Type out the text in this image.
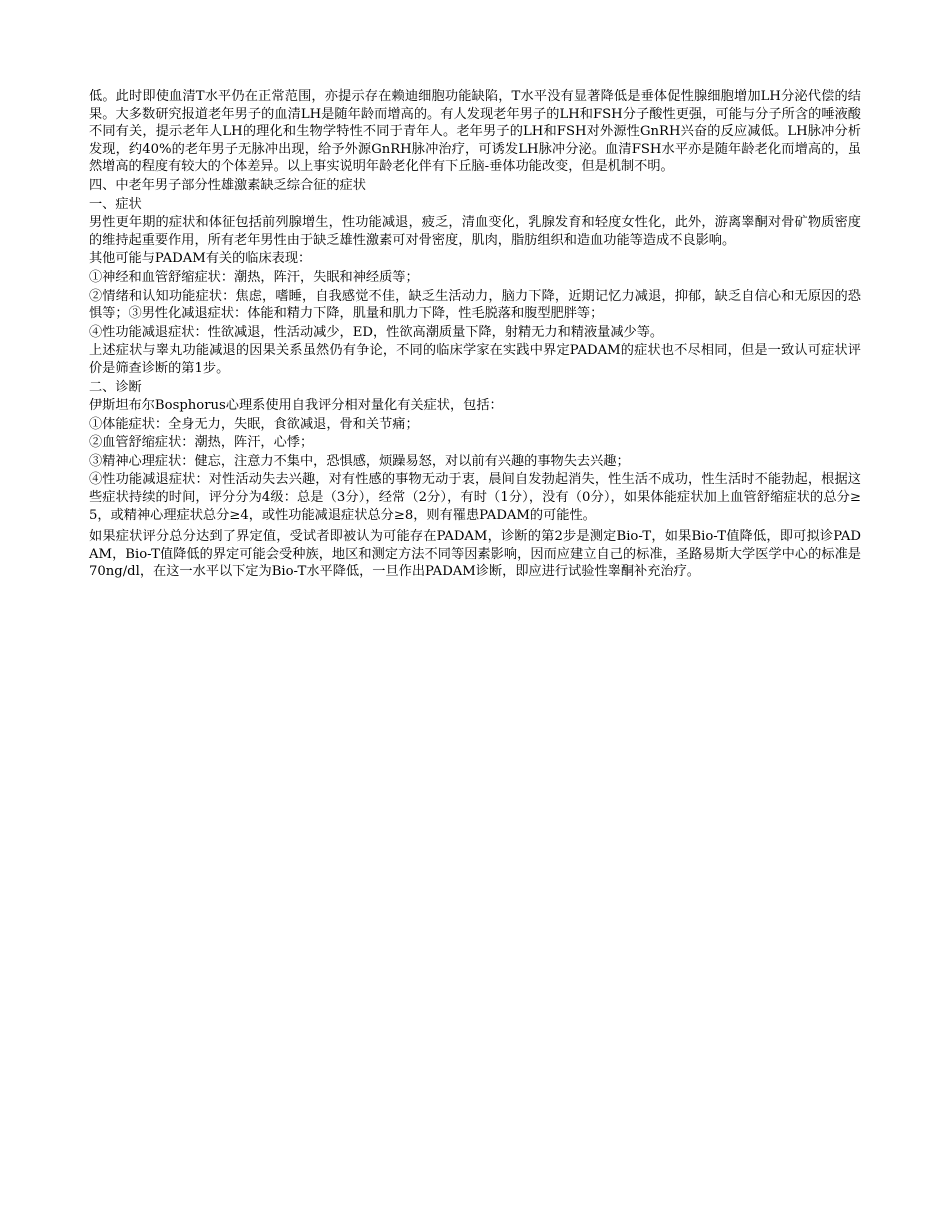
低。此时即使血清T水平仍在正常范围，亦提示存在赖迪细胞功能缺陷，T水平没有显著降低是垂体促性腺细胞增加LH分泌代偿的结果。大多数研究报道老年男子的血清LH是随年龄而增高的。有人发现老年男子的LH和FSH分子酸性更强，可能与分子所含的唾液酸不同有关，提示老年人LH的理化和生物学特性不同于青年人。老年男子的LH和FSH对外源性GnRH兴奋的反应减低。LH脉冲分析发现，约40%的老年男子无脉冲出现，给予外源GnRH脉冲治疗，可诱发LH脉冲分泌。血清FSH水平亦是随年龄老化而增高的，虽然增高的程度有较大的个体差异。以上事实说明年龄老化伴有下丘脑-垂体功能改变，但是机制不明。

四、中老年男子部分性雄激素缺乏综合征的症状

一、症状

男性更年期的症状和体征包括前列腺增生，性功能减退，疲乏，清血变化，乳腺发育和轻度女性化，此外，游离睾酮对骨矿物质密度的维持起重要作用，所有老年男性由于缺乏雄性激素可对骨密度，肌肉，脂肪组织和造血功能等造成不良影响。

其他可能与PADAM有关的临床表现：

①神经和血管舒缩症状：潮热，阵汗，失眠和神经质等；

②情绪和认知功能症状：焦虑，嗜睡，自我感觉不佳，缺乏生活动力，脑力下降，近期记忆力减退，抑郁，缺乏自信心和无原因的恐惧等；③男性化减退症状：体能和精力下降，肌量和肌力下降，性毛脱落和腹型肥胖等；

④性功能减退症状：性欲减退，性活动减少，ED，性欲高潮质量下降，射精无力和精液量减少等。

上述症状与睾丸功能减退的因果关系虽然仍有争论，不同的临床学家在实践中界定PADAM的症状也不尽相同，但是一致认可症状评价是筛查诊断的第1步。

二、诊断

伊斯坦布尔Bosphorus心理系使用自我评分相对量化有关症状，包括：

①体能症状：全身无力，失眠，食欲减退，骨和关节痛；

②血管舒缩症状：潮热，阵汗，心悸；

③精神心理症状：健忘，注意力不集中，恐惧感，烦躁易怒，对以前有兴趣的事物失去兴趣；

④性功能减退症状：对性活动失去兴趣，对有性感的事物无动于衷，晨间自发勃起消失，性生活不成功，性生活时不能勃起，根据这些症状持续的时间，评分分为4级：总是（3分），经常（2分），有时（1分），没有（0分），如果体能症状加上血管舒缩症状的总分≥5，或精神心理症状总分≥4，或性功能减退症状总分≥8，则有罹患PADAM的可能性。

如果症状评分总分达到了界定值，受试者即被认为可能存在PADAM，诊断的第2步是测定Bio-T，如果Bio-T值降低，即可拟诊PADAM，Bio-T值降低的界定可能会受种族，地区和测定方法不同等因素影响，因而应建立自己的标准，圣路易斯大学医学中心的标准是70ng/dl，在这一水平以下定为Bio-T水平降低，一旦作出PADAM诊断，即应进行试验性睾酮补充治疗。
